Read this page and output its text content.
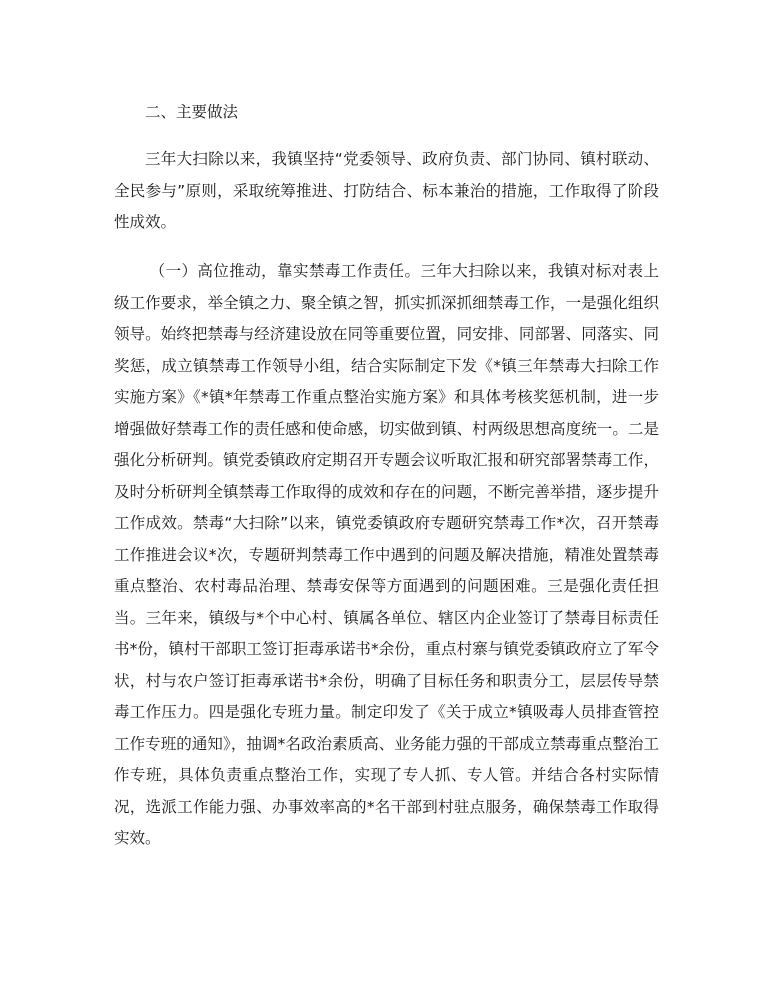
二、主要做法
三年大扫除以来，我镇坚持“党委领导、政府负责、部门协同、镇村联动、全民参与”原则，采取统筹推进、打防结合、标本兼治的措施，工作取得了阶段性成效。
（一）高位推动，靠实禁毒工作责任。三年大扫除以来，我镇对标对表上级工作要求，举全镇之力、聚全镇之智，抓实抓深抓细禁毒工作，一是强化组织领导。始终把禁毒与经济建设放在同等重要位置，同安排、同部署、同落实、同奖惩，成立镇禁毒工作领导小组，结合实际制定下发《*镇三年禁毒大扫除工作实施方案》《*镇*年禁毒工作重点整治实施方案》和具体考核奖惩机制，进一步增强做好禁毒工作的责任感和使命感，切实做到镇、村两级思想高度统一。二是强化分析研判。镇党委镇政府定期召开专题会议听取汇报和研究部署禁毒工作，及时分析研判全镇禁毒工作取得的成效和存在的问题，不断完善举措，逐步提升工作成效。禁毒“大扫除”以来，镇党委镇政府专题研究禁毒工作*次，召开禁毒工作推进会议*次，专题研判禁毒工作中遇到的问题及解决措施，精准处置禁毒重点整治、农村毒品治理、禁毒安保等方面遇到的问题困难。三是强化责任担当。三年来，镇级与*个中心村、镇属各单位、辖区内企业签订了禁毒目标责任书*份，镇村干部职工签订拒毒承诺书*余份，重点村寨与镇党委镇政府立了军令状，村与农户签订拒毒承诺书*余份，明确了目标任务和职责分工，层层传导禁毒工作压力。四是强化专班力量。制定印发了《关于成立*镇吸毒人员排查管控工作专班的通知》，抽调*名政治素质高、业务能力强的干部成立禁毒重点整治工作专班，具体负责重点整治工作，实现了专人抓、专人管。并结合各村实际情况，选派工作能力强、办事效率高的*名干部到村驻点服务，确保禁毒工作取得实效。
